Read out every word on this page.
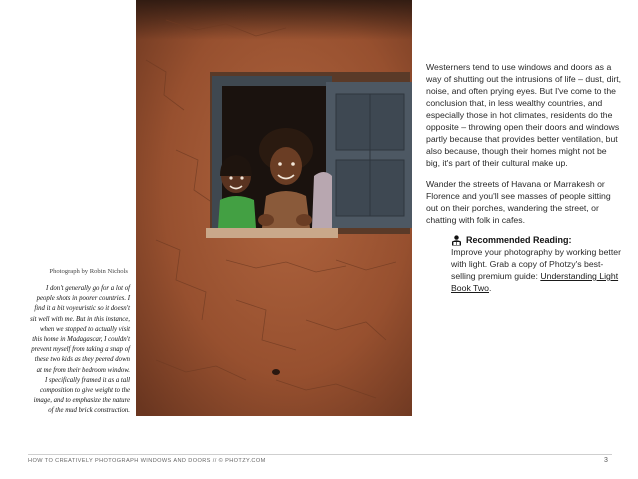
Photograph by Robin Nichols
I don't generally go for a lot of
people shots in poorer countries. I
find it a bit voyeuristic so it doesn't
sit well with me. But in this instance,
when we stopped to actually visit
this home in Madagascar, I couldn't
prevent myself from taking a snap of
these two kids as they peered down
at me from their bedroom window.
I specifically framed it as a tall
composition to give weight to the
image, and to emphasize the nature
of the mud brick construction.

Westerners tend to use windows and doors as a way of shutting out the intrusions of life – dust, dirt, noise, and often prying eyes. But I've come to the conclusion that, in less wealthy countries, and especially those in hot climates, residents do the opposite – throwing open their doors and windows partly because that provides better ventilation, but also because, though their homes might not be big, it's part of their cultural make up.

Wander the streets of Havana or Marrakesh or Florence and you'll see masses of people sitting out on their porches, wandering the street, or chatting with folk in cafes.

Recommended Reading:
Improve your photography by working better with light. Grab a copy of Photzy's best-selling premium guide: Understanding Light Book Two.
HOW TO CREATIVELY PHOTOGRAPH WINDOWS AND DOORS // © PHOTZY.COM	3
